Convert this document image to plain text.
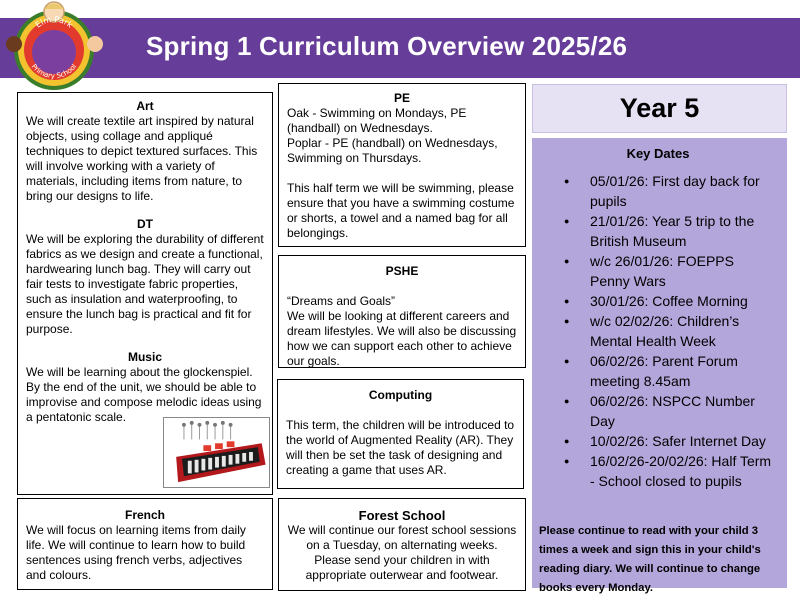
Spring 1 Curriculum Overview 2025/26
Elm Park
Primary School
Art

We will create textile art inspired by natural objects, using collage and appliqué techniques to depict textured surfaces. This will involve working with a variety of materials, including items from nature, to bring our designs to life.

DT

We will be exploring the durability of different fabrics as we design and create a functional, hardwearing lunch bag. They will carry out fair tests to investigate fabric properties, such as insulation and waterproofing, to ensure the lunch bag is practical and fit for purpose.

Music

We will be learning about the glockenspiel. By the end of the unit, we should be able to improvise and compose melodic ideas using a pentatonic scale.

PE

Oak - Swimming on Mondays, PE (handball) on Wednesdays.

Poplar - PE (handball) on Wednesdays, Swimming on Thursdays.

This half term we will be swimming, please ensure that you have a swimming costume or shorts, a towel and a named bag for all belongings.

PSHE

“Dreams and Goals”

We will be looking at different careers and dream lifestyles. We will also be discussing how we can support each other to achieve our goals.

Computing

This term, the children will be introduced to the world of Augmented Reality (AR). They will then be set the task of designing and creating a game that uses AR.

French

We will focus on learning items from daily life. We will continue to learn how to build sentences using french verbs, adjectives and colours.

Forest School

We will continue our forest school sessions on a Tuesday, on alternating weeks. Please send your children in with appropriate outerwear and footwear.

Year 5
Key Dates
● 05/01/26: First day back for pupils
● 21/01/26: Year 5 trip to the British Museum
● w/c 26/01/26: FOEPPS Penny Wars
● 30/01/26: Coffee Morning
● w/c 02/02/26: Children’s Mental Health Week
● 06/02/26: Parent Forum meeting 8.45am
● 06/02/26: NSPCC Number Day
● 10/02/26: Safer Internet Day
● 16/02/26-20/02/26: Half Term - School closed to pupils
Please continue to read with your child 3 times a week and sign this in your child's reading diary. We will continue to change books every Monday.
